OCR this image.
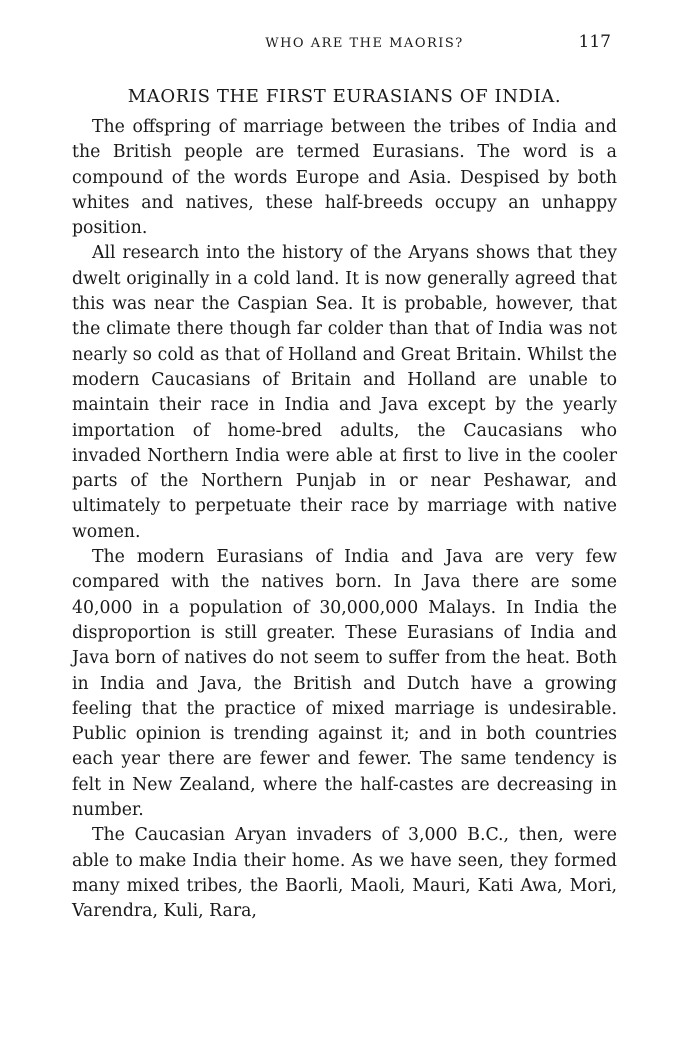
WHO ARE THE MAORIS?	117
MAORIS THE FIRST EURASIANS OF INDIA.

The offspring of marriage between the tribes of India and the British people are termed Eurasians. The word is a compound of the words Europe and Asia. Despised by both whites and natives, these half-breeds occupy an unhappy position.

All research into the history of the Aryans shows that they dwelt originally in a cold land. It is now generally agreed that this was near the Caspian Sea. It is probable, however, that the climate there though far colder than that of India was not nearly so cold as that of Holland and Great Britain. Whilst the modern Caucasians of Britain and Holland are unable to maintain their race in India and Java except by the yearly importation of home-bred adults, the Caucasians who invaded Northern India were able at first to live in the cooler parts of the Northern Punjab in or near Peshawar, and ultimately to perpetuate their race by marriage with native women.

The modern Eurasians of India and Java are very few compared with the natives born. In Java there are some 40,000 in a population of 30,000,000 Malays. In India the disproportion is still greater. These Eurasians of India and Java born of natives do not seem to suffer from the heat. Both in India and Java, the British and Dutch have a growing feeling that the practice of mixed marriage is undesirable. Public opinion is trending against it; and in both countries each year there are fewer and fewer. The same tendency is felt in New Zealand, where the half-castes are decreasing in number.

The Caucasian Aryan invaders of 3,000 B.C., then, were able to make India their home. As we have seen, they formed many mixed tribes, the Baorli, Maoli, Mauri, Kati Awa, Mori, Varendra, Kuli, Rara,
